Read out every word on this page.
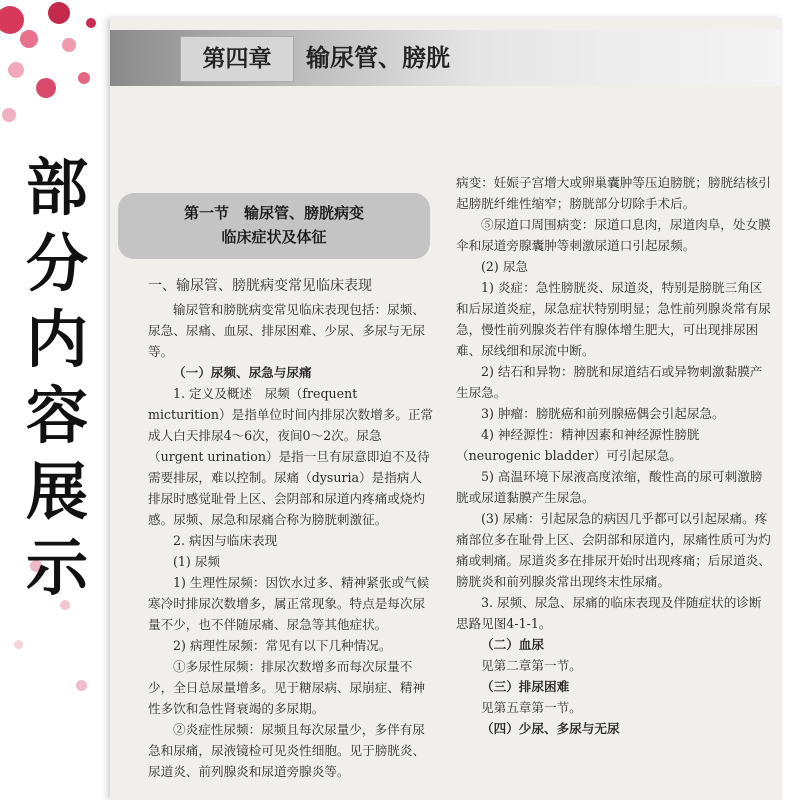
部
分
内
容
展
示
第四章	输尿管、膀胱
第一节　输尿管、膀胱病变
临床症状及体征

一、输尿管、膀胱病变常见临床表现

输尿管和膀胱病变常见临床表现包括：尿频、尿急、尿痛、血尿、排尿困难、少尿、多尿与无尿等。

（一）尿频、尿急与尿痛

1. 定义及概述　尿频（frequent micturition）是指单位时间内排尿次数增多。正常成人白天排尿4～6次，夜间0～2次。尿急（urgent urination）是指一旦有尿意即迫不及待需要排尿，难以控制。尿痛（dysuria）是指病人排尿时感觉耻骨上区、会阴部和尿道内疼痛或烧灼感。尿频、尿急和尿痛合称为膀胱刺激征。

2. 病因与临床表现

(1) 尿频

1) 生理性尿频：因饮水过多、精神紧张或气候寒冷时排尿次数增多，属正常现象。特点是每次尿量不少，也不伴随尿痛、尿急等其他症状。

2) 病理性尿频：常见有以下几种情况。

①多尿性尿频：排尿次数增多而每次尿量不少，全日总尿量增多。见于糖尿病、尿崩症、精神性多饮和急性肾衰竭的多尿期。

②炎症性尿频：尿频且每次尿量少，多伴有尿急和尿痛，尿液镜检可见炎性细胞。见于膀胱炎、尿道炎、前列腺炎和尿道旁腺炎等。

病变：妊娠子宫增大或卵巢囊肿等压迫膀胱；膀胱结核引起膀胱纤维性缩窄；膀胱部分切除手术后。

⑤尿道口周围病变：尿道口息肉，尿道肉阜，处女膜伞和尿道旁腺囊肿等刺激尿道口引起尿频。

(2) 尿急

1) 炎症：急性膀胱炎、尿道炎，特别是膀胱三角区和后尿道炎症，尿急症状特别明显；急性前列腺炎常有尿急，慢性前列腺炎若伴有腺体增生肥大，可出现排尿困难、尿线细和尿流中断。

2) 结石和异物：膀胱和尿道结石或异物刺激黏膜产生尿急。

3) 肿瘤：膀胱癌和前列腺癌偶会引起尿急。

4) 神经源性：精神因素和神经源性膀胱（neurogenic bladder）可引起尿急。

5) 高温环境下尿液高度浓缩，酸性高的尿可刺激膀胱或尿道黏膜产生尿急。

(3) 尿痛：引起尿急的病因几乎都可以引起尿痛。疼痛部位多在耻骨上区、会阴部和尿道内，尿痛性质可为灼痛或刺痛。尿道炎多在排尿开始时出现疼痛；后尿道炎、膀胱炎和前列腺炎常出现终末性尿痛。

3. 尿频、尿急、尿痛的临床表现及伴随症状的诊断思路见图4-1-1。

（二）血尿

见第二章第一节。

（三）排尿困难

见第五章第一节。

（四）少尿、多尿与无尿
